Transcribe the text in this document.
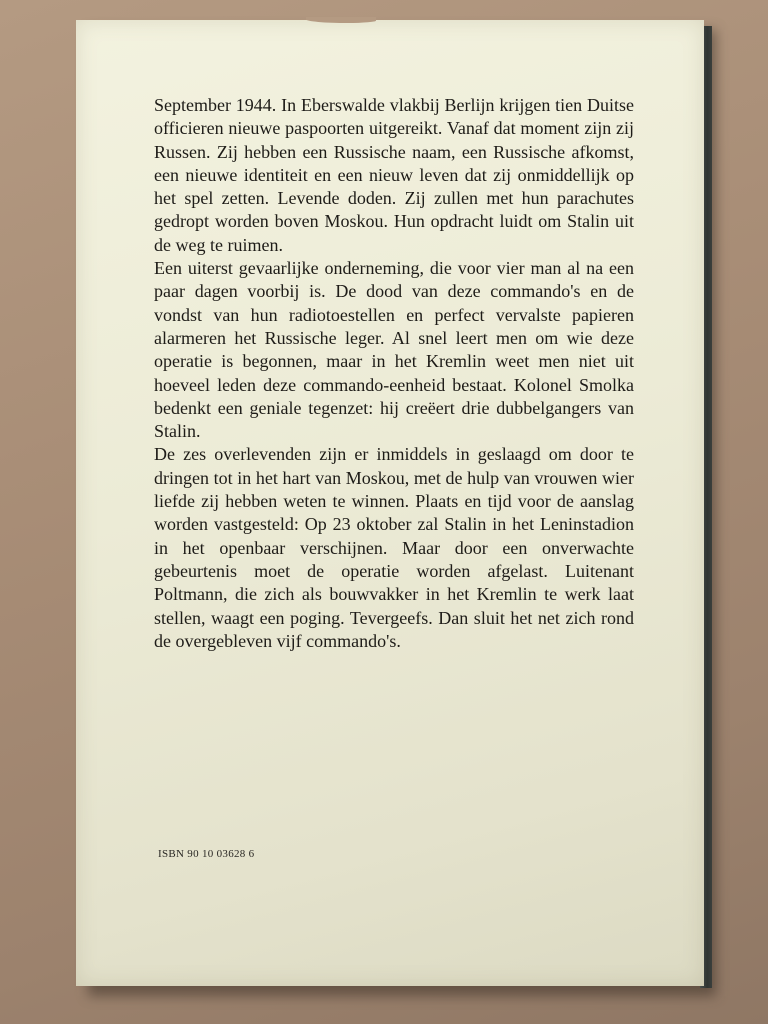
September 1944. In Eberswalde vlakbij Berlijn krijgen tien Duitse officieren nieuwe paspoorten uitgereikt. Vanaf dat moment zijn zij Russen. Zij hebben een Russische naam, een Russische afkomst, een nieuwe identiteit en een nieuw leven dat zij onmiddellijk op het spel zetten. Levende doden. Zij zullen met hun parachutes gedropt worden boven Moskou. Hun opdracht luidt om Stalin uit de weg te ruimen.

Een uiterst gevaarlijke onderneming, die voor vier man al na een paar dagen voorbij is. De dood van deze commando's en de vondst van hun radiotoestellen en perfect vervalste papieren alarmeren het Russische leger. Al snel leert men om wie deze operatie is begonnen, maar in het Kremlin weet men niet uit hoeveel leden deze commando-eenheid bestaat. Kolonel Smolka bedenkt een geniale tegenzet: hij creëert drie dubbelgangers van Stalin.

De zes overlevenden zijn er inmiddels in geslaagd om door te dringen tot in het hart van Moskou, met de hulp van vrouwen wier liefde zij hebben weten te winnen. Plaats en tijd voor de aanslag worden vastgesteld: Op 23 oktober zal Stalin in het Leninstadion in het openbaar verschijnen. Maar door een onverwachte gebeurtenis moet de operatie worden afgelast. Luitenant Poltmann, die zich als bouwvakker in het Kremlin te werk laat stellen, waagt een poging. Tevergeefs. Dan sluit het net zich rond de overgebleven vijf commando's.

ISBN 90 10 03628 6
